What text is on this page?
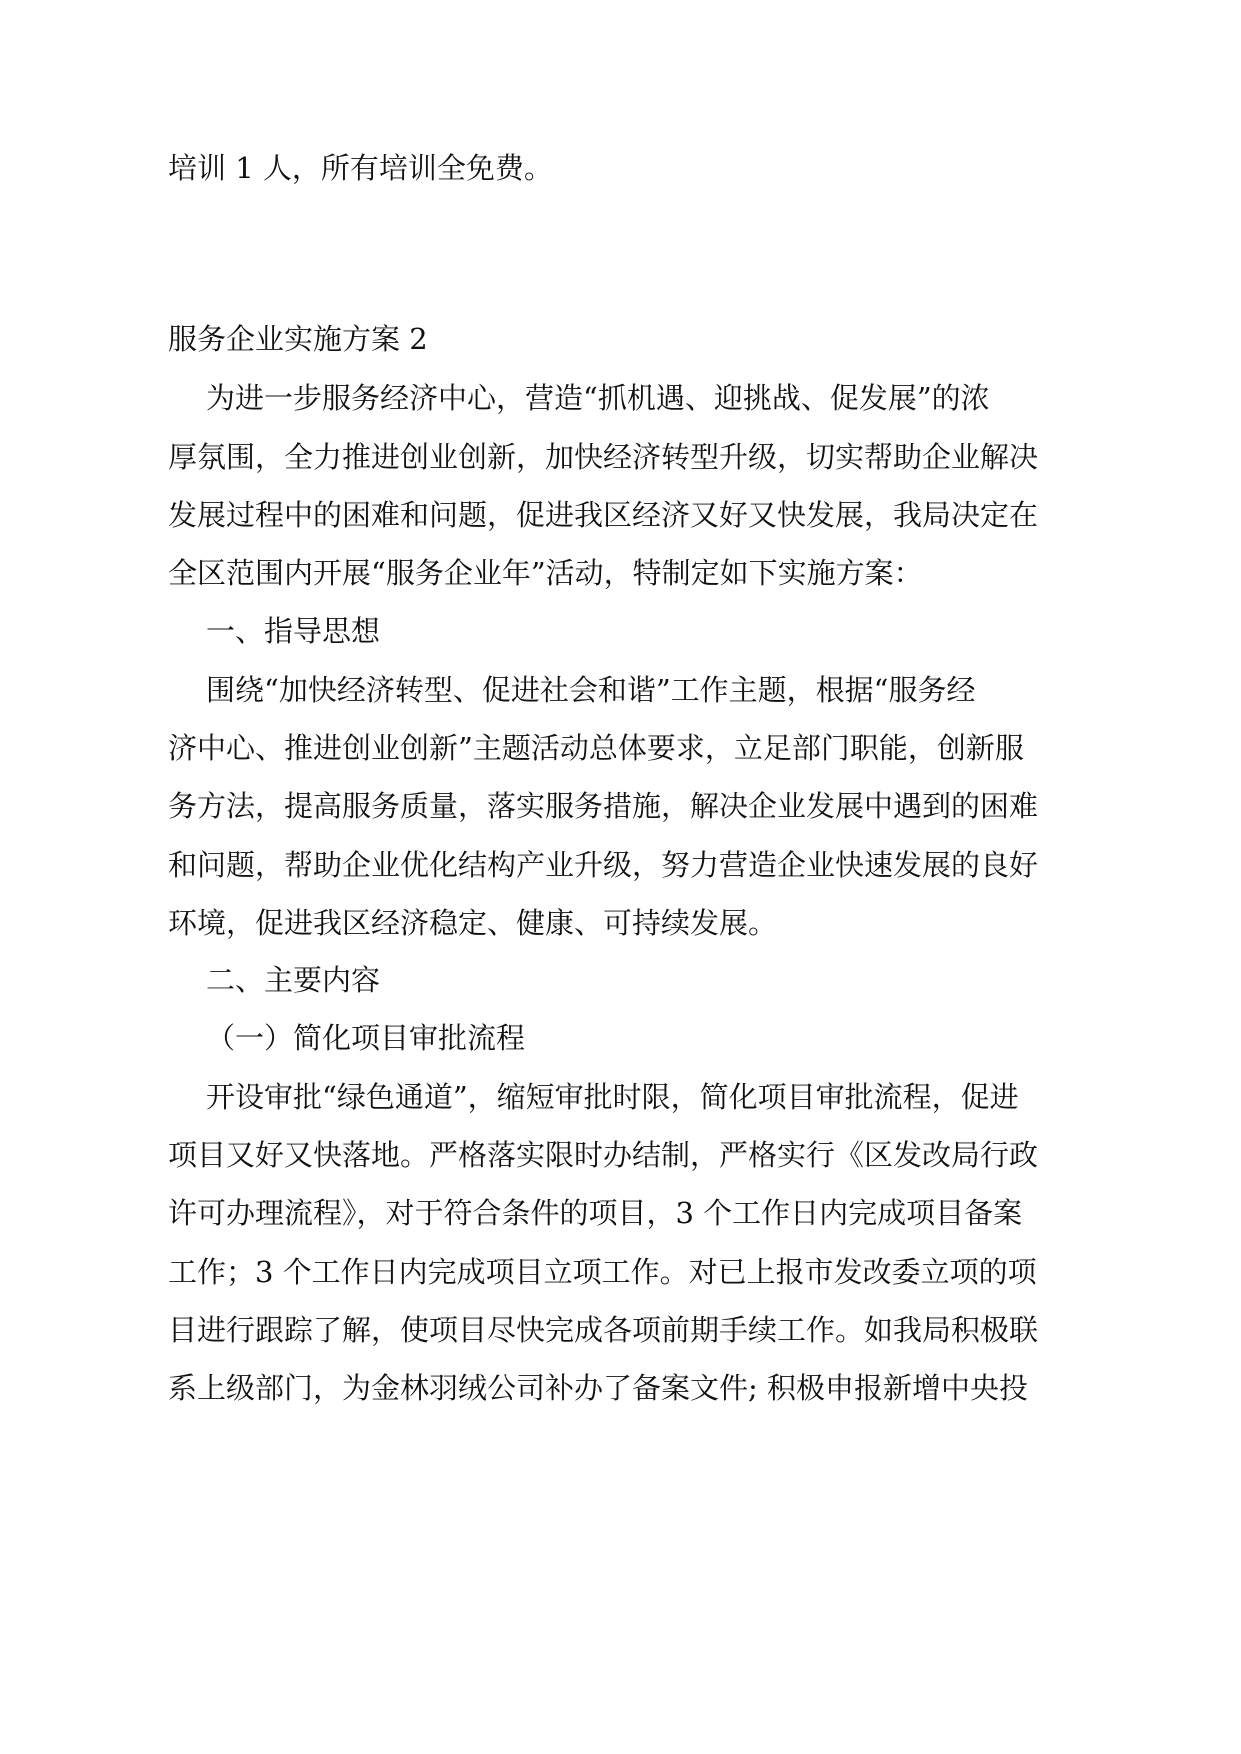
培训 1 人，所有培训全免费。
服务企业实施方案 2
为进一步服务经济中心，营造“抓机遇、迎挑战、促发展”的浓
厚氛围，全力推进创业创新，加快经济转型升级，切实帮助企业解决
发展过程中的困难和问题，促进我区经济又好又快发展，我局决定在
全区范围内开展“服务企业年”活动，特制定如下实施方案：
一、指导思想
围绕“加快经济转型、促进社会和谐”工作主题，根据“服务经
济中心、推进创业创新”主题活动总体要求，立足部门职能，创新服
务方法，提高服务质量，落实服务措施，解决企业发展中遇到的困难
和问题，帮助企业优化结构产业升级，努力营造企业快速发展的良好
环境，促进我区经济稳定、健康、可持续发展。
二、主要内容
（一）简化项目审批流程
开设审批“绿色通道”，缩短审批时限，简化项目审批流程，促进
项目又好又快落地。严格落实限时办结制，严格实行《区发改局行政
许可办理流程》，对于符合条件的项目，3 个工作日内完成项目备案
工作；3 个工作日内完成项目立项工作。对已上报市发改委立项的项
目进行跟踪了解，使项目尽快完成各项前期手续工作。如我局积极联
系上级部门，为金林羽绒公司补办了备案文件; 积极申报新增中央投
